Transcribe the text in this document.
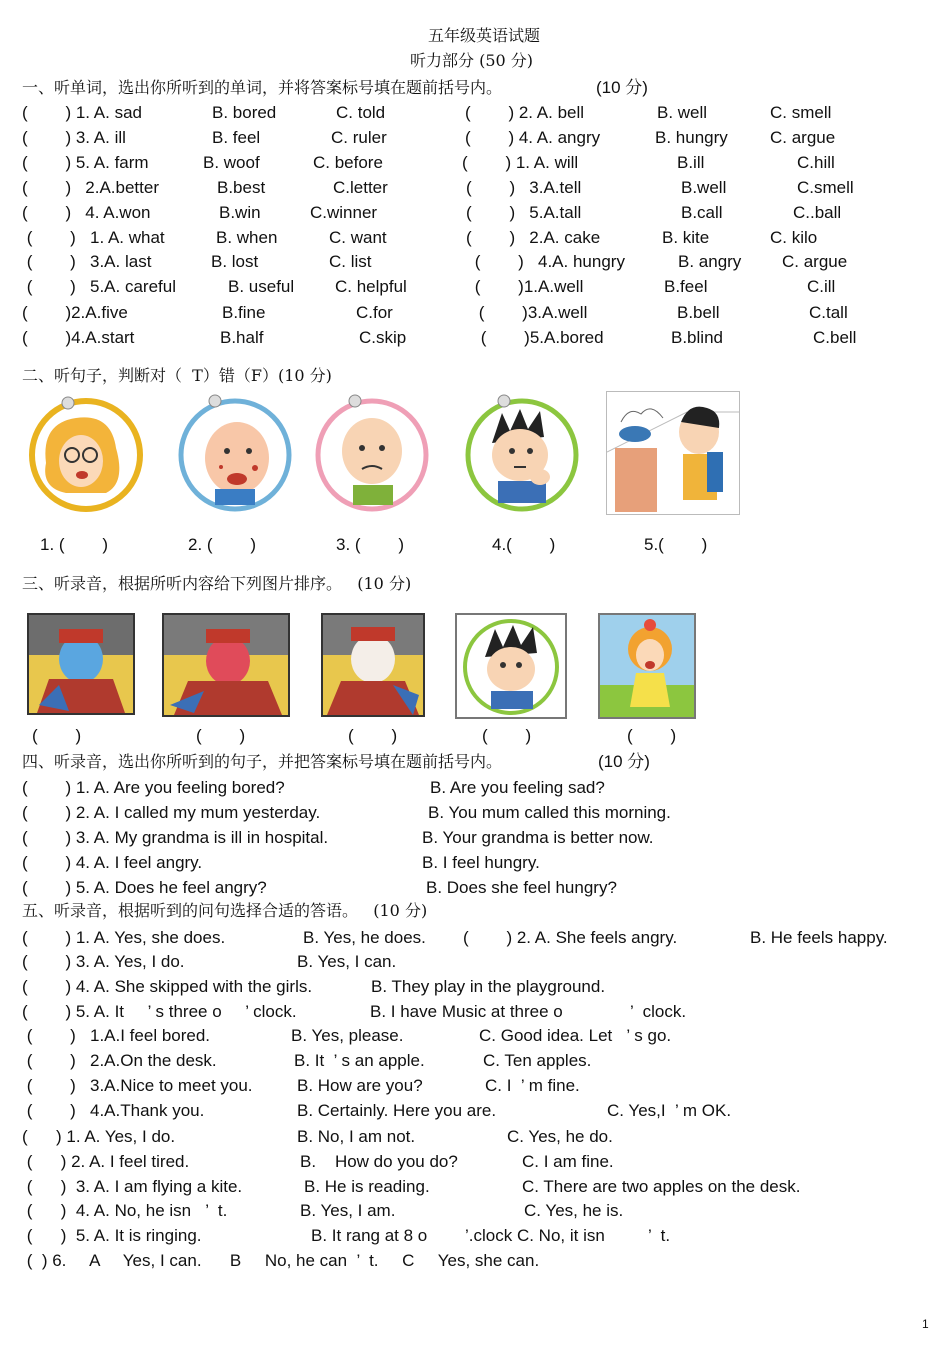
五年级英语试题
听力部分 (50 分)
一、听单词，选出你所听到的单词，并将答案标号填在题前括号内。	(10 分)
(        ) 1. A. sad	B. bored	C. told	(        ) 2. A. bell	B. well	C. smell
(        ) 3. A. ill	B. feel	C. ruler	(        ) 4. A. angry	B. hungry C. argue
(        ) 5. A. farm	B. woof	C. before	(        ) 1. A. will	B.ill	C.hill
(        )   2.A.better	B.best	C.letter	(        )   3.A.tell	B.well	C.smell
(        )   4. A.won	B.win	C.winner	(        )   5.A.tall	B.call	C..ball
(        )   1. A. what	B. when	C. want	(        )   2.A. cake	B. kite	C. kilo
(        )   3.A. last	B. lost	C. list	(        )   4.A. hungry	B. angry C. argue
(        )   5.A. careful	B. useful C. helpful	(        )1.A.well	B.feel	C.ill
(        )2.A.five	B.fine	C.for	(        )3.A.well	B.bell	C.tall
(        )4.A.start	B.half	C.skip	(        )5.A.bored	B.blind	C.bell
二、听句子，判断对（  T）错（F）(10 分)
1. (        )	2. (        )	3. (        )	4.(        )	5.(        )
三、听录音，根据所听内容给下列图片排序。   (10 分)
(        )	(        )	(        )	(        )	(        )
四、听录音，选出你所听到的句子，并把答案标号填在题前括号内。	(10 分)
(        ) 1. A. Are you feeling bored?	B. Are you feeling sad?
(        ) 2. A. I called my mum yesterday.	B. You mum called this morning.
(        ) 3. A. My grandma is ill in hospital.	B. Your grandma is better now.
(        ) 4. A. I feel angry.	B. I feel hungry.
(        ) 5. A. Does he feel angry?	B. Does she feel hungry?
五、听录音，根据听到的问句选择合适的答语。   (10 分)
(        ) 1. A. Yes, she does.	B. Yes, he does. (        ) 2. A. She feels angry.	B. He feels happy.
(        ) 3. A. Yes, I do.	B. Yes, I can.
(        ) 4. A. She skipped with the girls.	B. They play in the playground.
(        ) 5. A. It     ’ s three o     ’ clock.	B. I have Music at three o	’  clock.
(        )   1.A.I feel bored.	B. Yes, please.	C. Good idea. Let   ’ s go.
(        )   2.A.On the desk.	B. It  ’ s an apple.	C. Ten apples.
(        )   3.A.Nice to meet you.	B. How are you?	C. I  ’ m fine.
(        )   4.A.Thank you.	B. Certainly. Here you are.	C. Yes,I  ’ m OK.
(      ) 1. A. Yes, I do.	B. No, I am not.	C. Yes, he do.
(      ) 2. A. I feel tired.	B.    How do you do?	C. I am fine.
(      )  3. A. I am flying a kite.	B. He is reading.	C. There are two apples on the desk.
(      )  4. A. No, he isn   ’  t.	B. Yes, I am.	C. Yes, he is.
(      )  5. A. It is ringing.	B. It rang at 8 o ’.clock C. No, it isn	’  t.
(  ) 6.     A     Yes, I can.      B     No, he can  ’  t.     C     Yes, she can.
1
